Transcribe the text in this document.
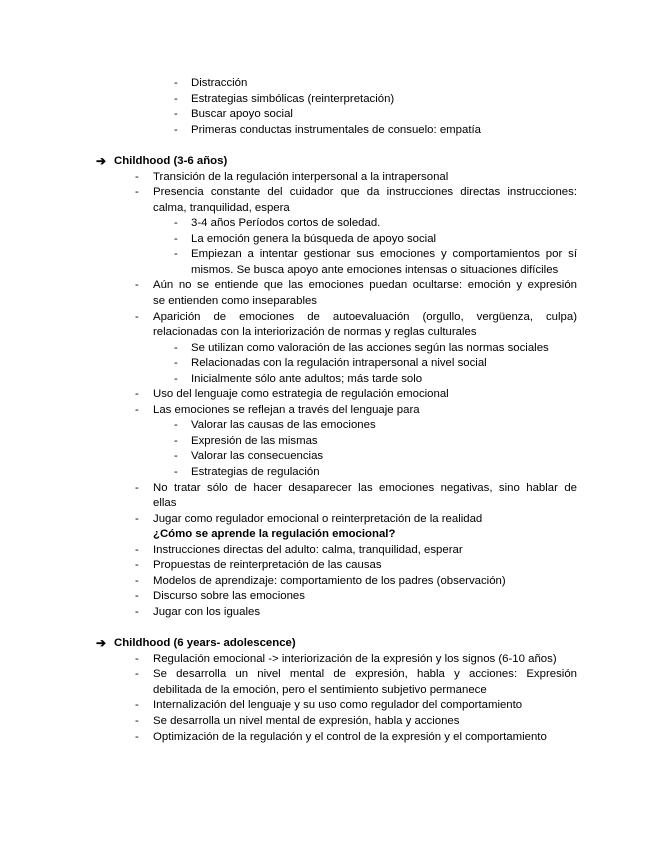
- Distracción
- Estrategias simbólicas (reinterpretación)
- Buscar apoyo social
- Primeras conductas instrumentales de consuelo: empatía
➔ Childhood (3-6 años)
- Transición de la regulación interpersonal a la intrapersonal
- Presencia constante del cuidador que da instrucciones directas instrucciones:
calma, tranquilidad, espera
- 3-4 años Períodos cortos de soledad.
- La emoción genera la búsqueda de apoyo social
- Empiezan a intentar gestionar sus emociones y comportamientos por sí
mismos. Se busca apoyo ante emociones intensas o situaciones difíciles
- Aún no se entiende que las emociones puedan ocultarse: emoción y expresión
se entienden como inseparables
- Aparición de emociones de autoevaluación (orgullo, vergüenza, culpa)
relacionadas con la interiorización de normas y reglas culturales
- Se utilizan como valoración de las acciones según las normas sociales
- Relacionadas con la regulación intrapersonal a nivel social
- Inicialmente sólo ante adultos; más tarde solo
- Uso del lenguaje como estrategia de regulación emocional
- Las emociones se reflejan a través del lenguaje para
- Valorar las causas de las emociones
- Expresión de las mismas
- Valorar las consecuencias
- Estrategias de regulación
- No tratar sólo de hacer desaparecer las emociones negativas, sino hablar de
ellas
- Jugar como regulador emocional o reinterpretación de la realidad
¿Cómo se aprende la regulación emocional?
- Instrucciones directas del adulto: calma, tranquilidad, esperar
- Propuestas de reinterpretación de las causas
- Modelos de aprendizaje: comportamiento de los padres (observación)
- Discurso sobre las emociones
- Jugar con los iguales
➔ Childhood (6 years- adolescence)
- Regulación emocional -> interiorización de la expresión y los signos (6-10 años)
- Se desarrolla un nivel mental de expresión, habla y acciones: Expresión
debilitada de la emoción, pero el sentimiento subjetivo permanece
- Internalización del lenguaje y su uso como regulador del comportamiento
- Se desarrolla un nivel mental de expresión, habla y acciones
- Optimización de la regulación y el control de la expresión y el comportamiento
